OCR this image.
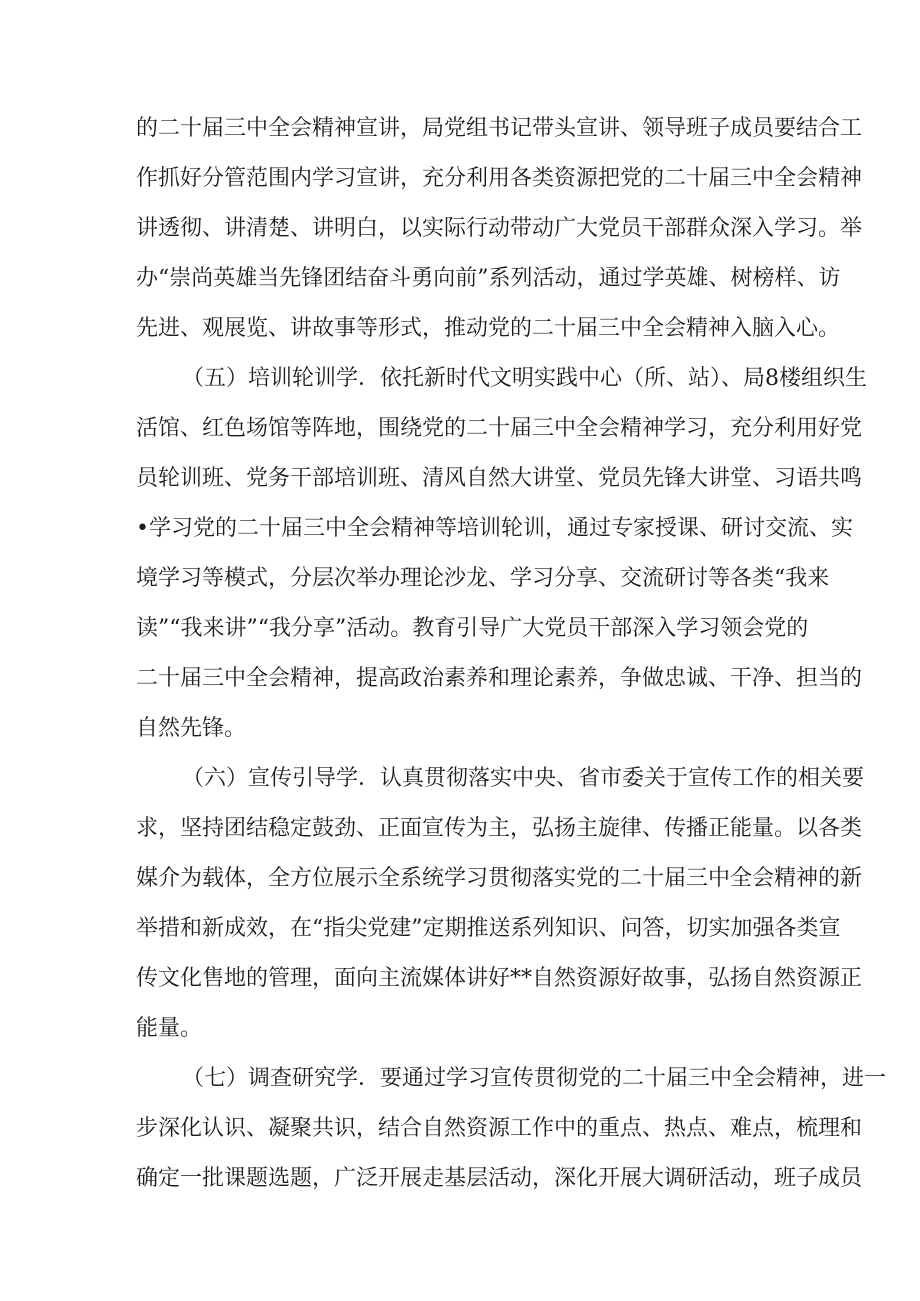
的二十届三中全会精神宣讲，局党组书记带头宣讲、领导班子成员要结合工
作抓好分管范围内学习宣讲，充分利用各类资源把党的二十届三中全会精神
讲透彻、讲清楚、讲明白，以实际行动带动广大党员干部群众深入学习。举
办“崇尚英雄当先锋团结奋斗勇向前”系列活动，通过学英雄、树榜样、访
先进、观展览、讲故事等形式，推动党的二十届三中全会精神入脑入心。
（五）培训轮训学．依托新时代文明实践中心（所、站）、局8楼组织生
活馆、红色场馆等阵地，围绕党的二十届三中全会精神学习，充分利用好党
员轮训班、党务干部培训班、清风自然大讲堂、党员先锋大讲堂、习语共鸣
•学习党的二十届三中全会精神等培训轮训，通过专家授课、研讨交流、实
境学习等模式，分层次举办理论沙龙、学习分享、交流研讨等各类“我来
读”“我来讲”“我分享”活动。教育引导广大党员干部深入学习领会党的
二十届三中全会精神，提高政治素养和理论素养，争做忠诚、干净、担当的
自然先锋。
（六）宣传引导学．认真贯彻落实中央、省市委关于宣传工作的相关要
求，坚持团结稳定鼓劲、正面宣传为主，弘扬主旋律、传播正能量。以各类
媒介为载体，全方位展示全系统学习贯彻落实党的二十届三中全会精神的新
举措和新成效，在“指尖党建”定期推送系列知识、问答，切实加强各类宣
传文化售地的管理，面向主流媒体讲好**自然资源好故事，弘扬自然资源正
能量。
（七）调查研究学．要通过学习宣传贯彻党的二十届三中全会精神，进一
步深化认识、凝聚共识，结合自然资源工作中的重点、热点、难点，梳理和
确定一批课题选题，广泛开展走基层活动，深化开展大调研活动，班子成员
